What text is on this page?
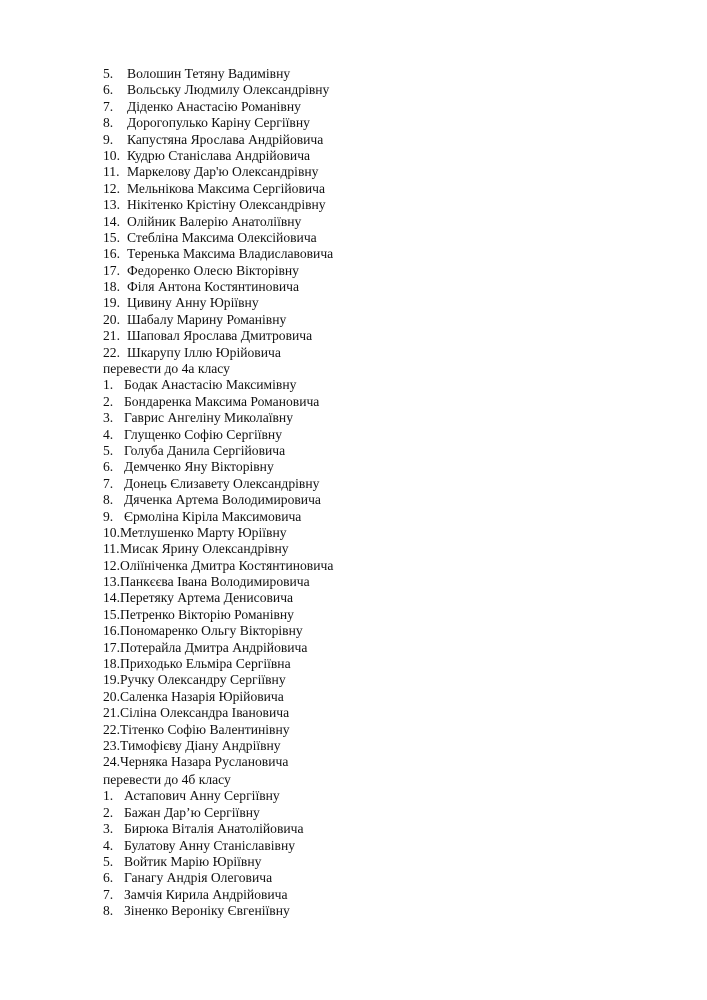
5. Волошин Тетяну Вадимівну
6. Вольську Людмилу Олександрівну
7. Діденко Анастасію Романівну
8. Дорогопулько Каріну Сергіївну
9. Капустяна Ярослава Андрійовича
10. Кудрю Станіслава Андрійовича
11. Маркелову Дар'ю Олександрівну
12. Мельнікова Максима Сергійовича
13. Нікітенко Крістіну Олександрівну
14. Олійник Валерію Анатоліївну
15. Стебліна Максима Олексійовича
16. Теренька Максима Владиславовича
17. Федоренко Олесю Вікторівну
18. Філя Антона Костянтиновича
19. Цивину Анну Юріївну
20. Шабалу Марину Романівну
21. Шаповал Ярослава Дмитровича
22. Шкарупу Іллю Юрійовича
перевести до 4а класу
1. Бодак Анастасію Максимівну
2. Бондаренка Максима Романовича
3. Гаврис Ангеліну Миколаївну
4. Глущенко Софію Сергіївну
5. Голуба Данила Сергійовича
6. Демченко Яну Вікторівну
7. Донець Єлизавету Олександрівну
8. Дяченка Артема Володимировича
9. Єрмоліна Кіріла Максимовича
10. Метлушенко Марту Юріївну
11. Мисак Ярину Олександрівну
12. Оліїніченка Дмитра Костянтиновича
13. Панкєєва Івана Володимировича
14. Перетяку Артема Денисовича
15. Петренко Вікторію Романівну
16. Пономаренко Ольгу Вікторівну
17. Потерайла Дмитра Андрійовича
18. Приходько Ельміра Сергіївна
19. Ручку Олександру Сергіївну
20. Саленка Назарія Юрійовича
21. Сіліна Олександра Івановича
22. Тітенко Софію Валентинівну
23. Тимофієву Діану Андріївну
24. Черняка Назара Руслановича
перевести до 4б класу
1. Астапович Анну Сергіївну
2. Бажан Дар’ю Сергіївну
3. Бирюка Віталія Анатолійовича
4. Булатову Анну Станіславівну
5. Войтик Марію Юріївну
6. Ганагу Андрія Олеговича
7. Замчія Кирила Андрійовича
8. Зіненко Вероніку Євгеніївну
